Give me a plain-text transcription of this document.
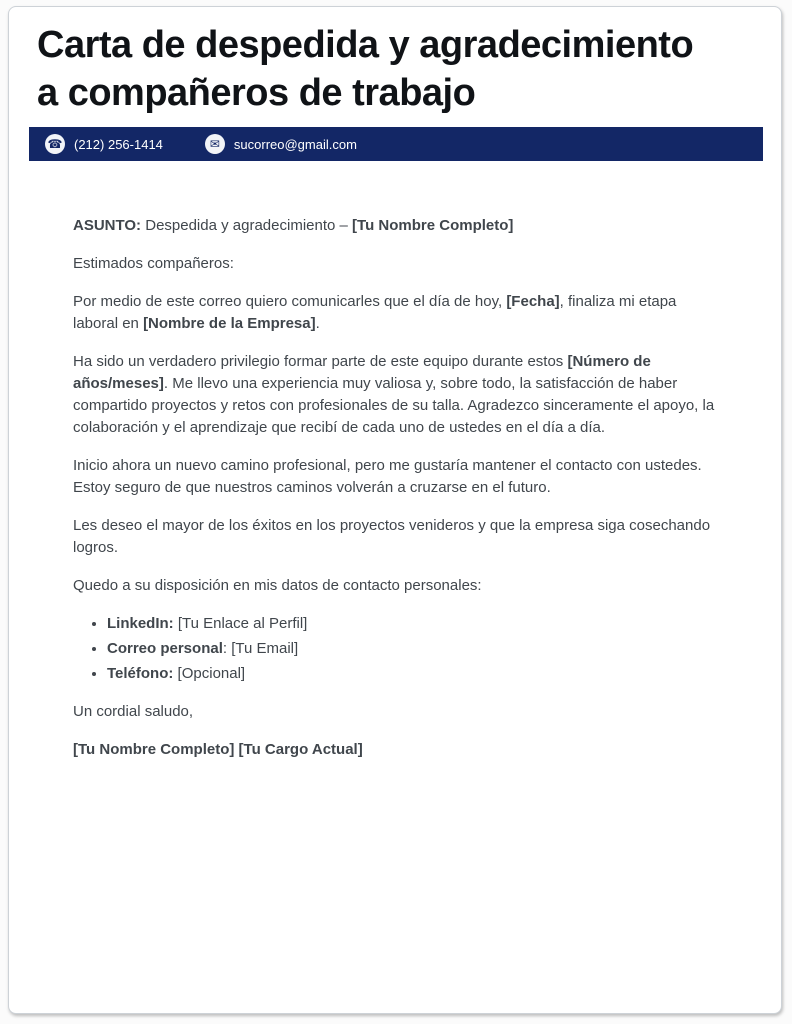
Carta de despedida y agradecimiento
a compañeros de trabajo
☎ (212) 256-1414	✉	sucorreo@gmail.com

ASUNTO: Despedida y agradecimiento – [Tu Nombre Completo]

Estimados compañeros:

Por medio de este correo quiero comunicarles que el día de hoy, [Fecha], finaliza mi etapa laboral en [Nombre de la Empresa].

Ha sido un verdadero privilegio formar parte de este equipo durante estos [Número de años/meses]. Me llevo una experiencia muy valiosa y, sobre todo, la satisfacción de haber compartido proyectos y retos con profesionales de su talla. Agradezco sinceramente el apoyo, la colaboración y el aprendizaje que recibí de cada uno de ustedes en el día a día.

Inicio ahora un nuevo camino profesional, pero me gustaría mantener el contacto con ustedes. Estoy seguro de que nuestros caminos volverán a cruzarse en el futuro.

Les deseo el mayor de los éxitos en los proyectos venideros y que la empresa siga cosechando logros.

Quedo a su disposición en mis datos de contacto personales:

• LinkedIn: [Tu Enlace al Perfil]
• Correo personal: [Tu Email]
• Teléfono: [Opcional]

Un cordial saludo,

[Tu Nombre Completo] [Tu Cargo Actual]
